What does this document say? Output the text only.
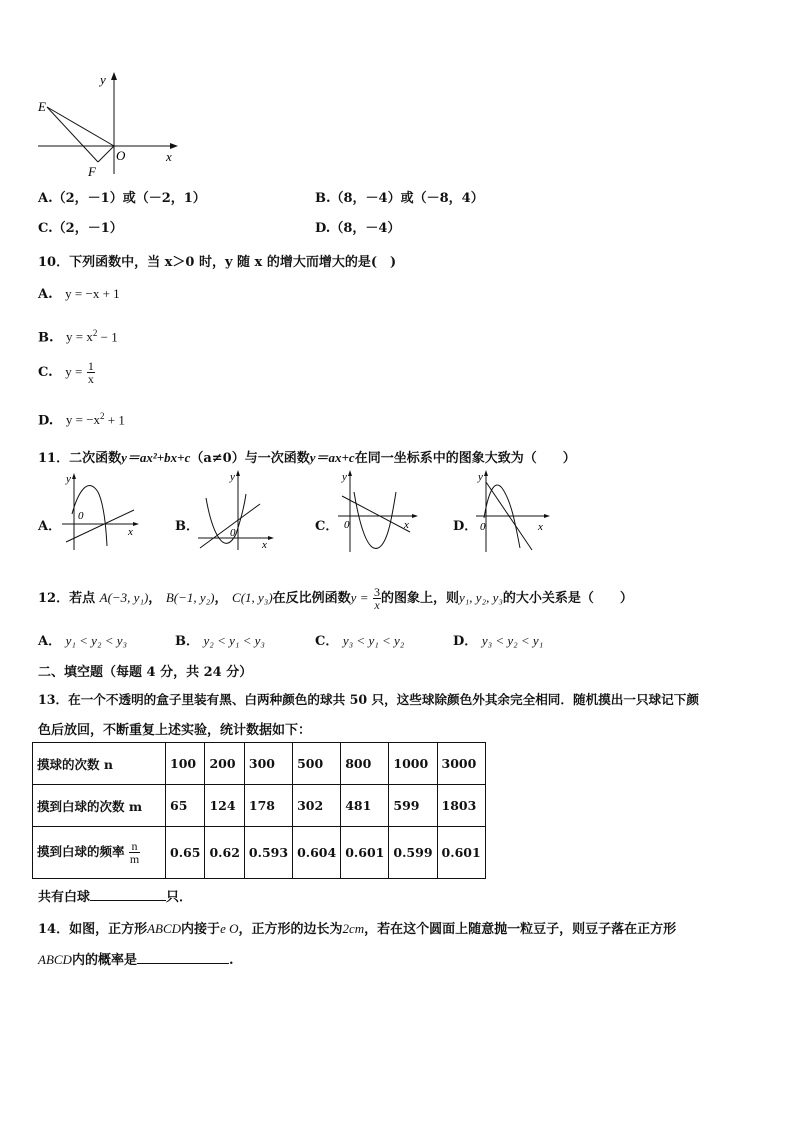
y
x
O
E
F
A.（2，－1）或（－2，1）	B.（8，－4）或（－8，4）
C.（2，－1）	D.（8，－4）
10．下列函数中，当 x＞0 时，y 随 x 的增大而增大的是(　)
A. y = −x + 1
B. $y = x^2 - 1$
C. $y = \frac{1}{x}$
D. $y = -x^2 + 1$
11．二次函数y＝ax²+bx+c（a≠0）与一次函数y＝ax+c在同一坐标系中的图象大致为（　　）
A．
y
x
0
B．
y
x
0	C．
y
x
0	D．
y
x
0
12．若点 A(−3, y₁)， B(−1, y₂)， C(1, y₃)在反比例函数$y = \frac{3}{x}$ 的图象上，则y₁, y₂, y₃的大小关系是（　　）
A． y₁ < y₂ < y₃	B． y₂ < y₁ < y₃	C． y₃ < y₁ < y₂	D． y₃ < y₂ < y₁
二、填空题（每题 4 分，共 24 分）
13．在一个不透明的盒子里装有黑、白两种颜色的球共 50 只，这些球除颜色外其余完全相同．随机摸出一只球记下颜
色后放回，不断重复上述实验，统计数据如下：
摸球的次数 n	100	200	300	500	800	1000	3000
摸到白球的次数 m	65	124	178	302	481	599	1803
摸到白球的频率 $\frac{n}{m}$	0.65	0.62	0.593	0.604	0.601	0.599	0.601
共有白球	只．
14．如图，正方形ABCD内接于e O，正方形的边长为2cm，若在这个圆面上随意抛一粒豆子，则豆子落在正方形
ABCD内的概率是	.
